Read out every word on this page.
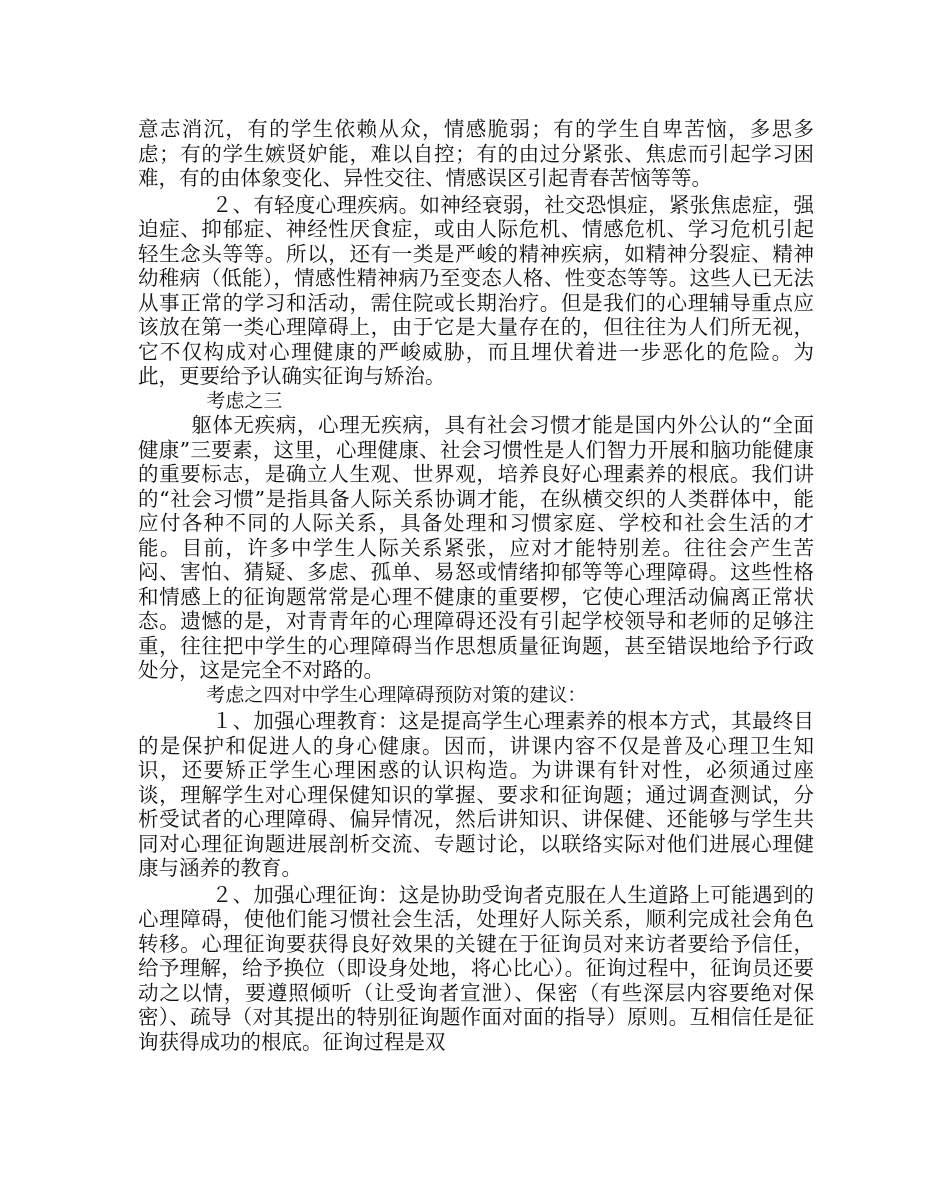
意志消沉，有的学生依赖从众，情感脆弱；有的学生自卑苦恼，多思多虑；有的学生嫉贤妒能，难以自控；有的由过分紧张、焦虑而引起学习困难，有的由体象变化、异性交往、情感误区引起青春苦恼等等。

２、有轻度心理疾病。如神经衰弱，社交恐惧症，紧张焦虑症，强迫症、抑郁症、神经性厌食症，或由人际危机、情感危机、学习危机引起轻生念头等等。所以，还有一类是严峻的精神疾病，如精神分裂症、精神幼稚病（低能），情感性精神病乃至变态人格、性变态等等。这些人已无法从事正常的学习和活动，需住院或长期治疗。但是我们的心理辅导重点应该放在第一类心理障碍上，由于它是大量存在的，但往往为人们所无视，它不仅构成对心理健康的严峻威胁，而且埋伏着进一步恶化的危险。为此，更要给予认确实征询与矫治。

考虑之三

躯体无疾病，心理无疾病，具有社会习惯才能是国内外公认的“全面健康”三要素，这里，心理健康、社会习惯性是人们智力开展和脑功能健康的重要标志，是确立人生观、世界观，培养良好心理素养的根底。我们讲的“社会习惯”是指具备人际关系协调才能，在纵横交织的人类群体中，能应付各种不同的人际关系，具备处理和习惯家庭、学校和社会生活的才能。目前，许多中学生人际关系紧张，应对才能特别差。往往会产生苦闷、害怕、猜疑、多虑、孤单、易怒或情绪抑郁等等心理障碍。这些性格和情感上的征询题常常是心理不健康的重要椤，它使心理活动偏离正常状态。遗憾的是，对青青年的心理障碍还没有引起学校领导和老师的足够注重，往往把中学生的心理障碍当作思想质量征询题，甚至错误地给予行政处分，这是完全不对路的。

考虑之四对中学生心理障碍预防对策的建议：

１、加强心理教育：这是提高学生心理素养的根本方式，其最终目的是保护和促进人的身心健康。因而，讲课内容不仅是普及心理卫生知识，还要矫正学生心理困惑的认识构造。为讲课有针对性，必须通过座谈，理解学生对心理保健知识的掌握、要求和征询题；通过调查测试，分析受试者的心理障碍、偏异情况，然后讲知识、讲保健、还能够与学生共同对心理征询题进展剖析交流、专题讨论，以联络实际对他们进展心理健康与涵养的教育。

２、加强心理征询：这是协助受询者克服在人生道路上可能遇到的心理障碍，使他们能习惯社会生活，处理好人际关系，顺利完成社会角色转移。心理征询要获得良好效果的关键在于征询员对来访者要给予信任，给予理解，给予换位（即设身处地，将心比心）。征询过程中，征询员还要动之以情，要遵照倾听（让受询者宣泄）、保密（有些深层内容要绝对保密）、疏导（对其提出的特别征询题作面对面的指导）原则。互相信任是征询获得成功的根底。征询过程是双
